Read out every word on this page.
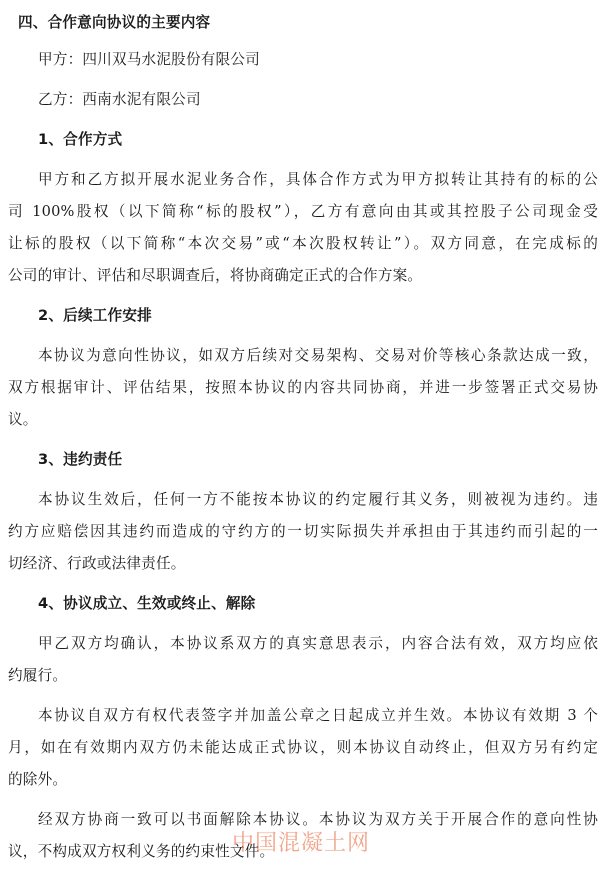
四、合作意向协议的主要内容
甲方：四川双马水泥股份有限公司
乙方：西南水泥有限公司
1、合作方式
甲方和乙方拟开展水泥业务合作，具体合作方式为甲方拟转让其持有的标的公
司 100%股权（以下简称“标的股权”），乙方有意向由其或其控股子公司现金受
让标的股权（以下简称“本次交易”或“本次股权转让”）。双方同意，在完成标的
公司的审计、评估和尽职调查后，将协商确定正式的合作方案。
2、后续工作安排
本协议为意向性协议，如双方后续对交易架构、交易对价等核心条款达成一致，
双方根据审计、评估结果，按照本协议的内容共同协商，并进一步签署正式交易协
议。
3、违约责任
本协议生效后，任何一方不能按本协议的约定履行其义务，则被视为违约。违
约方应赔偿因其违约而造成的守约方的一切实际损失并承担由于其违约而引起的一
切经济、行政或法律责任。
4、协议成立、生效或终止、解除
甲乙双方均确认，本协议系双方的真实意思表示，内容合法有效，双方均应依
约履行。
本协议自双方有权代表签字并加盖公章之日起成立并生效。本协议有效期 3 个
月，如在有效期内双方仍未能达成正式协议，则本协议自动终止，但双方另有约定
的除外。
经双方协商一致可以书面解除本协议。本协议为双方关于开展合作的意向性协
议，不构成双方权利义务的约束性文件。
中国混凝土网
